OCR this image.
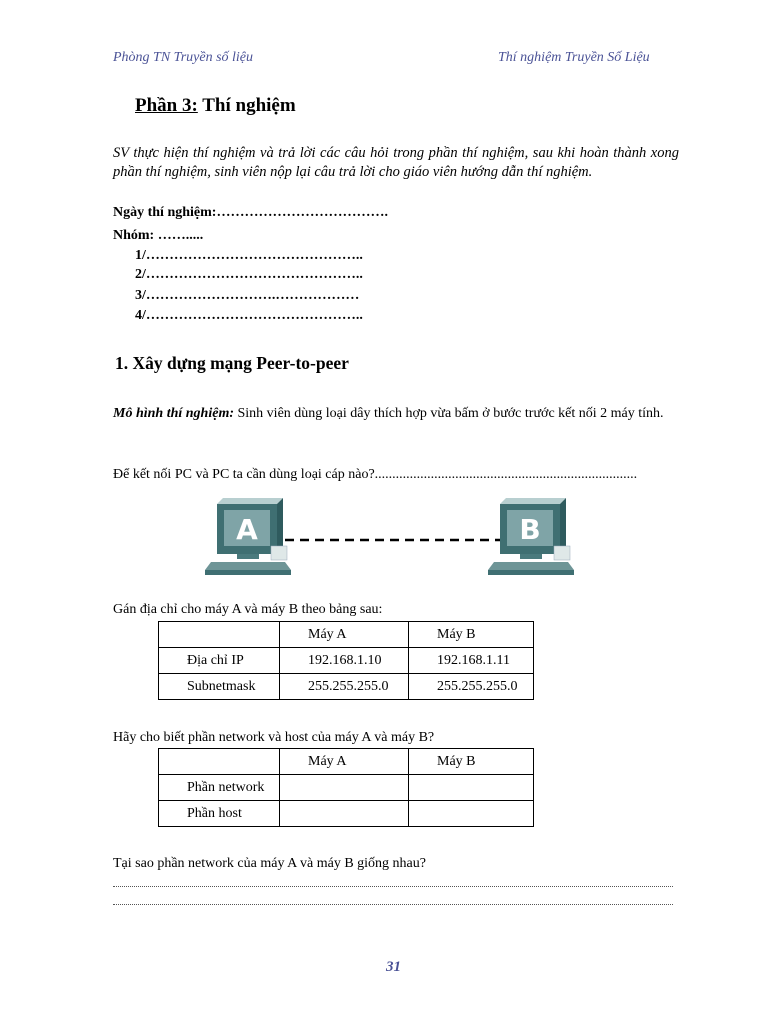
Phòng TN Truyền số liệu	Thí nghiệm Truyền Số Liệu
Phần 3: Thí nghiệm
SV thực hiện thí nghiệm và trả lời các câu hỏi trong phần thí nghiệm, sau khi hoàn thành xong phần thí nghiệm, sinh viên nộp lại câu trả lời cho giáo viên hướng dẫn thí nghiệm.
Ngày thí nghiệm:……………………………….
Nhóm: …….....
1/………………………………………..
2/………………………………………..
3/……………………….………………
4/………………………………………..
1. Xây dựng mạng Peer-to-peer
Mô hình thí nghiệm: Sinh viên dùng loại dây thích hợp vừa bấm ở bước trước kết nối 2 máy tính.
Để kết nối PC và PC ta cần dùng loại cáp nào?...........................................................................
A	B
Gán địa chỉ cho máy A và máy B theo bảng sau:
	Máy A	Máy B
Địa chỉ IP	192.168.1.10	192.168.1.11
Subnetmask	255.255.255.0	255.255.255.0
Hãy cho biết phần network và host của máy A và máy B?
	Máy A	Máy B
Phần network		
Phần host		
Tại sao phần network của máy A và máy B giống nhau?
31
